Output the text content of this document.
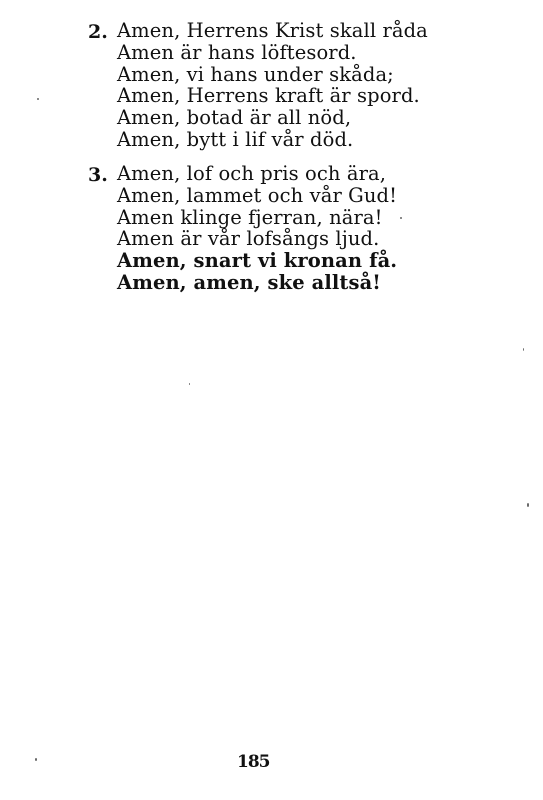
2. Amen, Herrens Krist skall råda
Amen är hans löftesord.
Amen, vi hans under skåda;
Amen, Herrens kraft är spord.
Amen, botad är all nöd,
Amen, bytt i lif vår död.
3. Amen, lof och pris och ära,
Amen, lammet och vår Gud!
Amen klinge fjerran, nära!
Amen är vår lofsångs ljud.
Amen, snart vi kronan få.
Amen, amen, ske alltså!
185
